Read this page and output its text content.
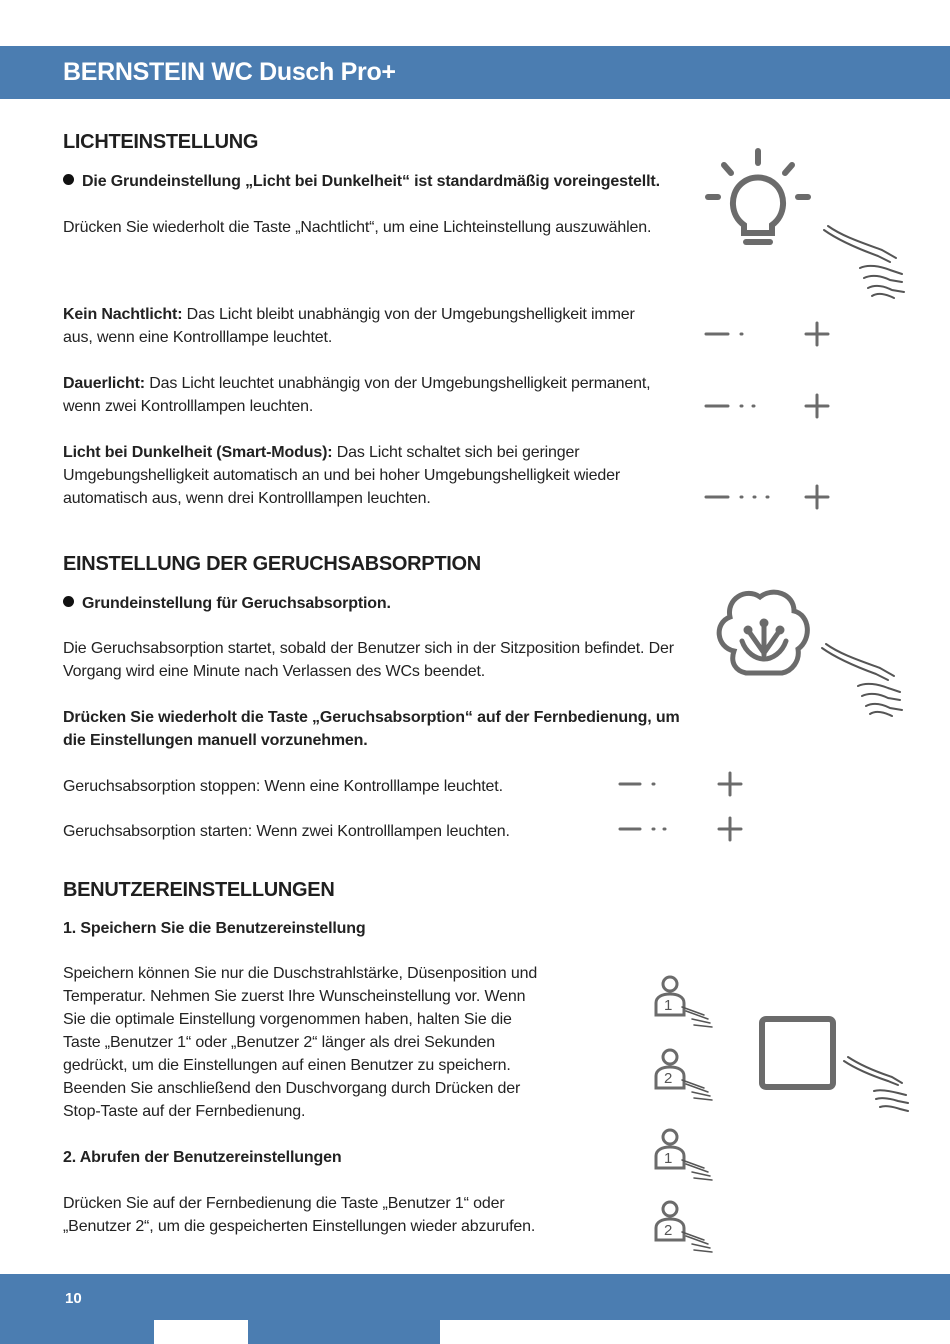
BERNSTEIN WC Dusch Pro+
LICHTEINSTELLUNG

Die Grundeinstellung „Licht bei Dunkelheit“ ist standardmäßig voreingestellt.

Drücken Sie wiederholt die Taste „Nachtlicht“, um eine Lichteinstellung auszuwählen.

Kein Nachtlicht: Das Licht bleibt unabhängig von der Umgebungshelligkeit immer aus, wenn eine Kontrolllampe leuchtet.

Dauerlicht: Das Licht leuchtet unabhängig von der Umgebungshelligkeit permanent, wenn zwei Kontrolllampen leuchten.

Licht bei Dunkelheit (Smart-Modus): Das Licht schaltet sich bei geringer Umgebungshelligkeit automatisch an und bei hoher Umgebungshelligkeit wieder automatisch aus, wenn drei Kontrolllampen leuchten.

EINSTELLUNG DER GERUCHSABSORPTION

Grundeinstellung für Geruchsabsorption.

Die Geruchsabsorption startet, sobald der Benutzer sich in der Sitzposition befindet. Der Vorgang wird eine Minute nach Verlassen des WCs beendet.

Drücken Sie wiederholt die Taste „Geruchsabsorption“ auf der Fernbedienung, um die Einstellungen manuell vorzunehmen.

Geruchsabsorption stoppen: Wenn eine Kontrolllampe leuchtet.

Geruchsabsorption starten: Wenn zwei Kontrolllampen leuchten.

BENUTZEREINSTELLUNGEN

1. Speichern Sie die Benutzereinstellung

Speichern können Sie nur die Duschstrahlstärke, Düsenposition und Temperatur. Nehmen Sie zuerst Ihre Wunscheinstellung vor. Wenn Sie die optimale Einstellung vorgenommen haben, halten Sie die Taste „Benutzer 1“ oder „Benutzer 2“ länger als drei Sekunden gedrückt, um die Einstellungen auf einen Benutzer zu speichern. Beenden Sie anschließend den Duschvorgang durch Drücken der Stop-Taste auf der Fernbedienung.

2. Abrufen der Benutzereinstellungen

Drücken Sie auf der Fernbedienung die Taste „Benutzer 1“ oder „Benutzer 2“, um die gespeicherten Einstellungen wieder abzurufen.

1
2
1
2
10
